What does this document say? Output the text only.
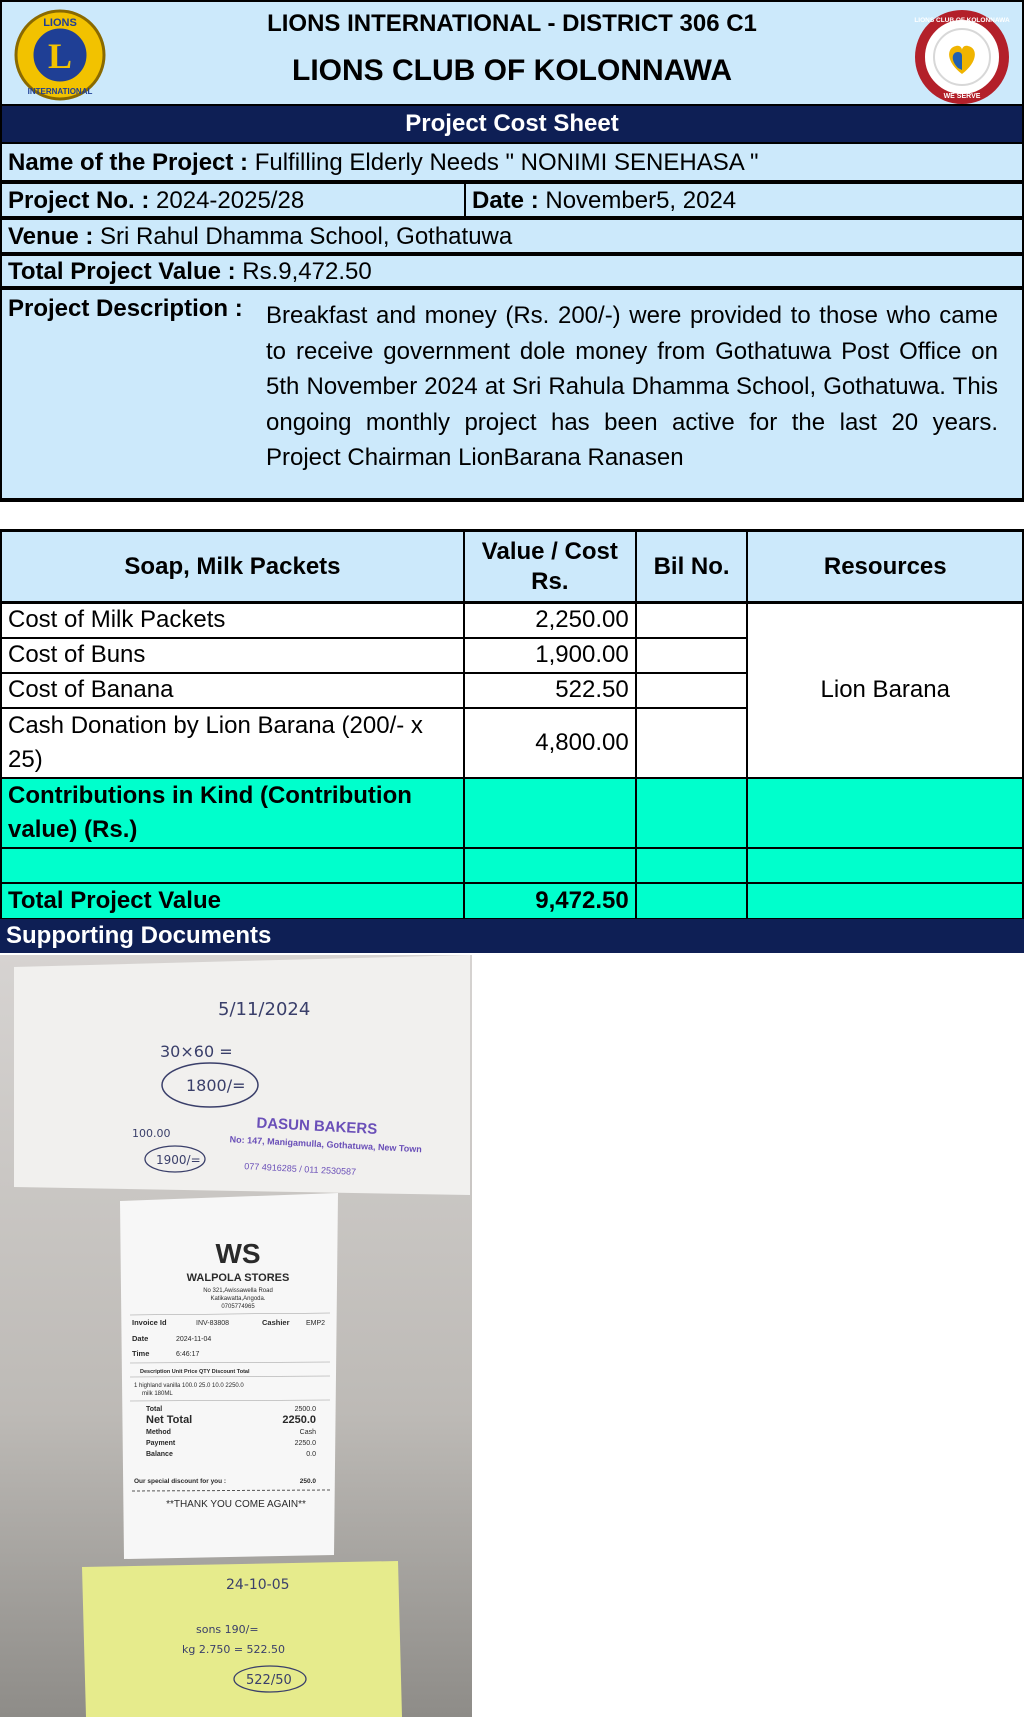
L
LIONS
INTERNATIONAL
LIONS INTERNATIONAL - DISTRICT 306 C1
LIONS CLUB OF KOLONNAWA
LIONS CLUB OF KOLONNAWA
WE SERVE
Project Cost Sheet
Name of the Project : Fulfilling Elderly Needs " NONIMI SENEHASA "
Project No. : 2024-2025/28	Date : November5, 2024
Venue : Sri Rahul Dhamma School, Gothatuwa
Total Project Value : Rs.9,472.50
Project Description : Breakfast and money (Rs. 200/-) were provided to those who came to receive government dole money from Gothatuwa Post Office on 5th November 2024 at Sri Rahula Dhamma School, Gothatuwa. This ongoing monthly project has been active for the last 20 years. Project Chairman LionBarana Ranasen
Soap, Milk Packets	Value / Cost Rs.	Bil No.	Resources
Cost of Milk Packets	2,250.00		Lion Barana
Cost of Buns	1,900.00		
Cost of Banana	522.50		
Cash Donation by Lion Barana (200/- x 25)	4,800.00		
Contributions in Kind (Contribution value) (Rs.)			

Total Project Value	9,472.50		
Supporting Documents
5/11/2024
30×60 =
1800/=
100.00
1900/=
DASUN BAKERS
No: 147, Manigamulla, Gothatuwa, New Town
077 4916285 / 011 2530587
WS
WALPOLA STORES
No 321,Awissawella Road
Katikawatta,Angoda.
0705774965
Invoice Id	INV-83808	Cashier EMP2
Date	2024-11-04
Time	6:46:17
Description Unit Price QTY Discount Total
1 highland vanilla 100.0 25.0 10.0 2250.0
milk 180ML
Total	2500.0
Net Total	2250.0
Method	Cash
Payment	2250.0
Balance	0.0
Our special discount for you :	250.0
**THANK YOU COME AGAIN**
24-10-05
sons 190/=
kg 2.750 = 522.50
522/50
